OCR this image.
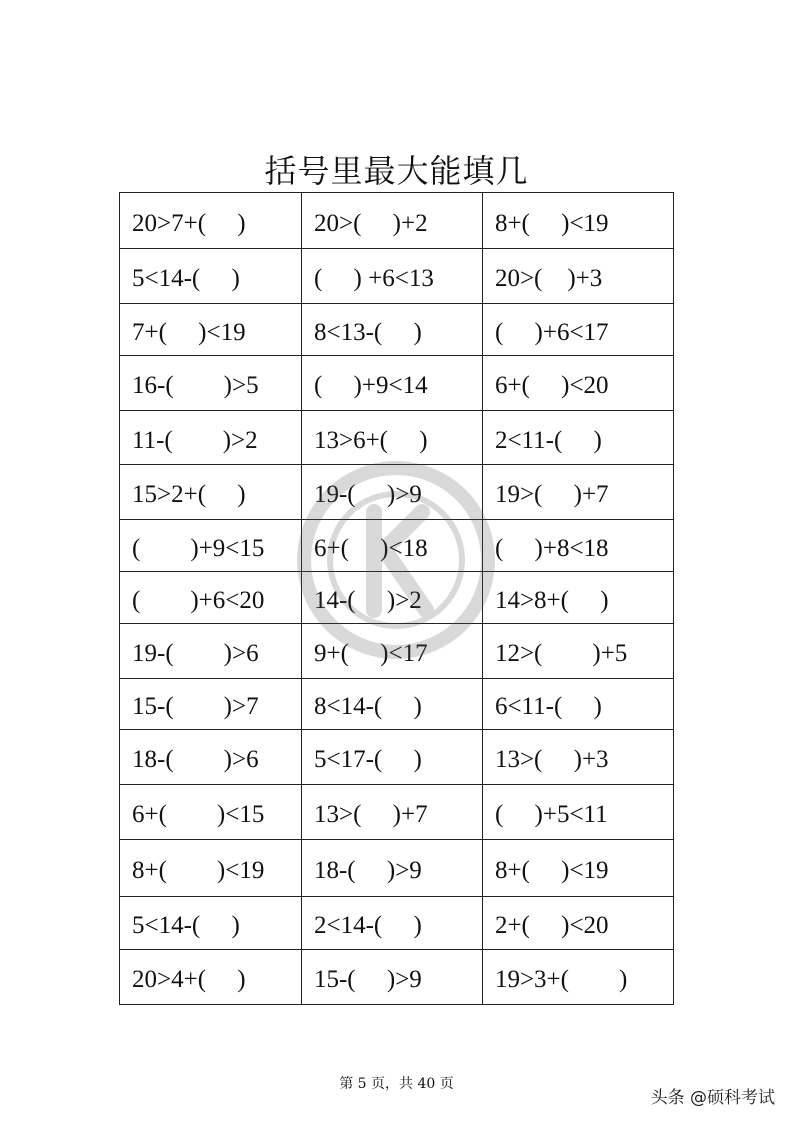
括号里最大能填几
20>7+(　 )	20>(　 )+2	8+(　 )<19
5<14-(　 )	(　 ) +6<13	20>(　)+3
7+(　 )<19	8<13-(　 )	(　 )+6<17
16-(　　)>5	(　 )+9<14	6+(　 )<20
11-(　　)>2	13>6+(　 )	2<11-(　 )
15>2+(　 )	19-(　 )>9	19>(　 )+7
(　　)+9<15	6+(　 )<18	(　 )+8<18
(　　)+6<20	14-(　 )>2	14>8+(　 )
19-(　　)>6	9+(　 )<17	12>(　　)+5
15-(　　)>7	8<14-(　 )	6<11-(　 )
18-(　　)>6	5<17-(　 )	13>(　 )+3
6+(　　)<15	13>(　 )+7	(　 )+5<11
8+(　　)<19	18-(　 )>9	8+(　 )<19
5<14-(　 )	2<14-(　 )	2+(　 )<20
20>4+(　 )	15-(　 )>9	19>3+(　　)
第 5 页，共 40 页
头条 @硕科考试
